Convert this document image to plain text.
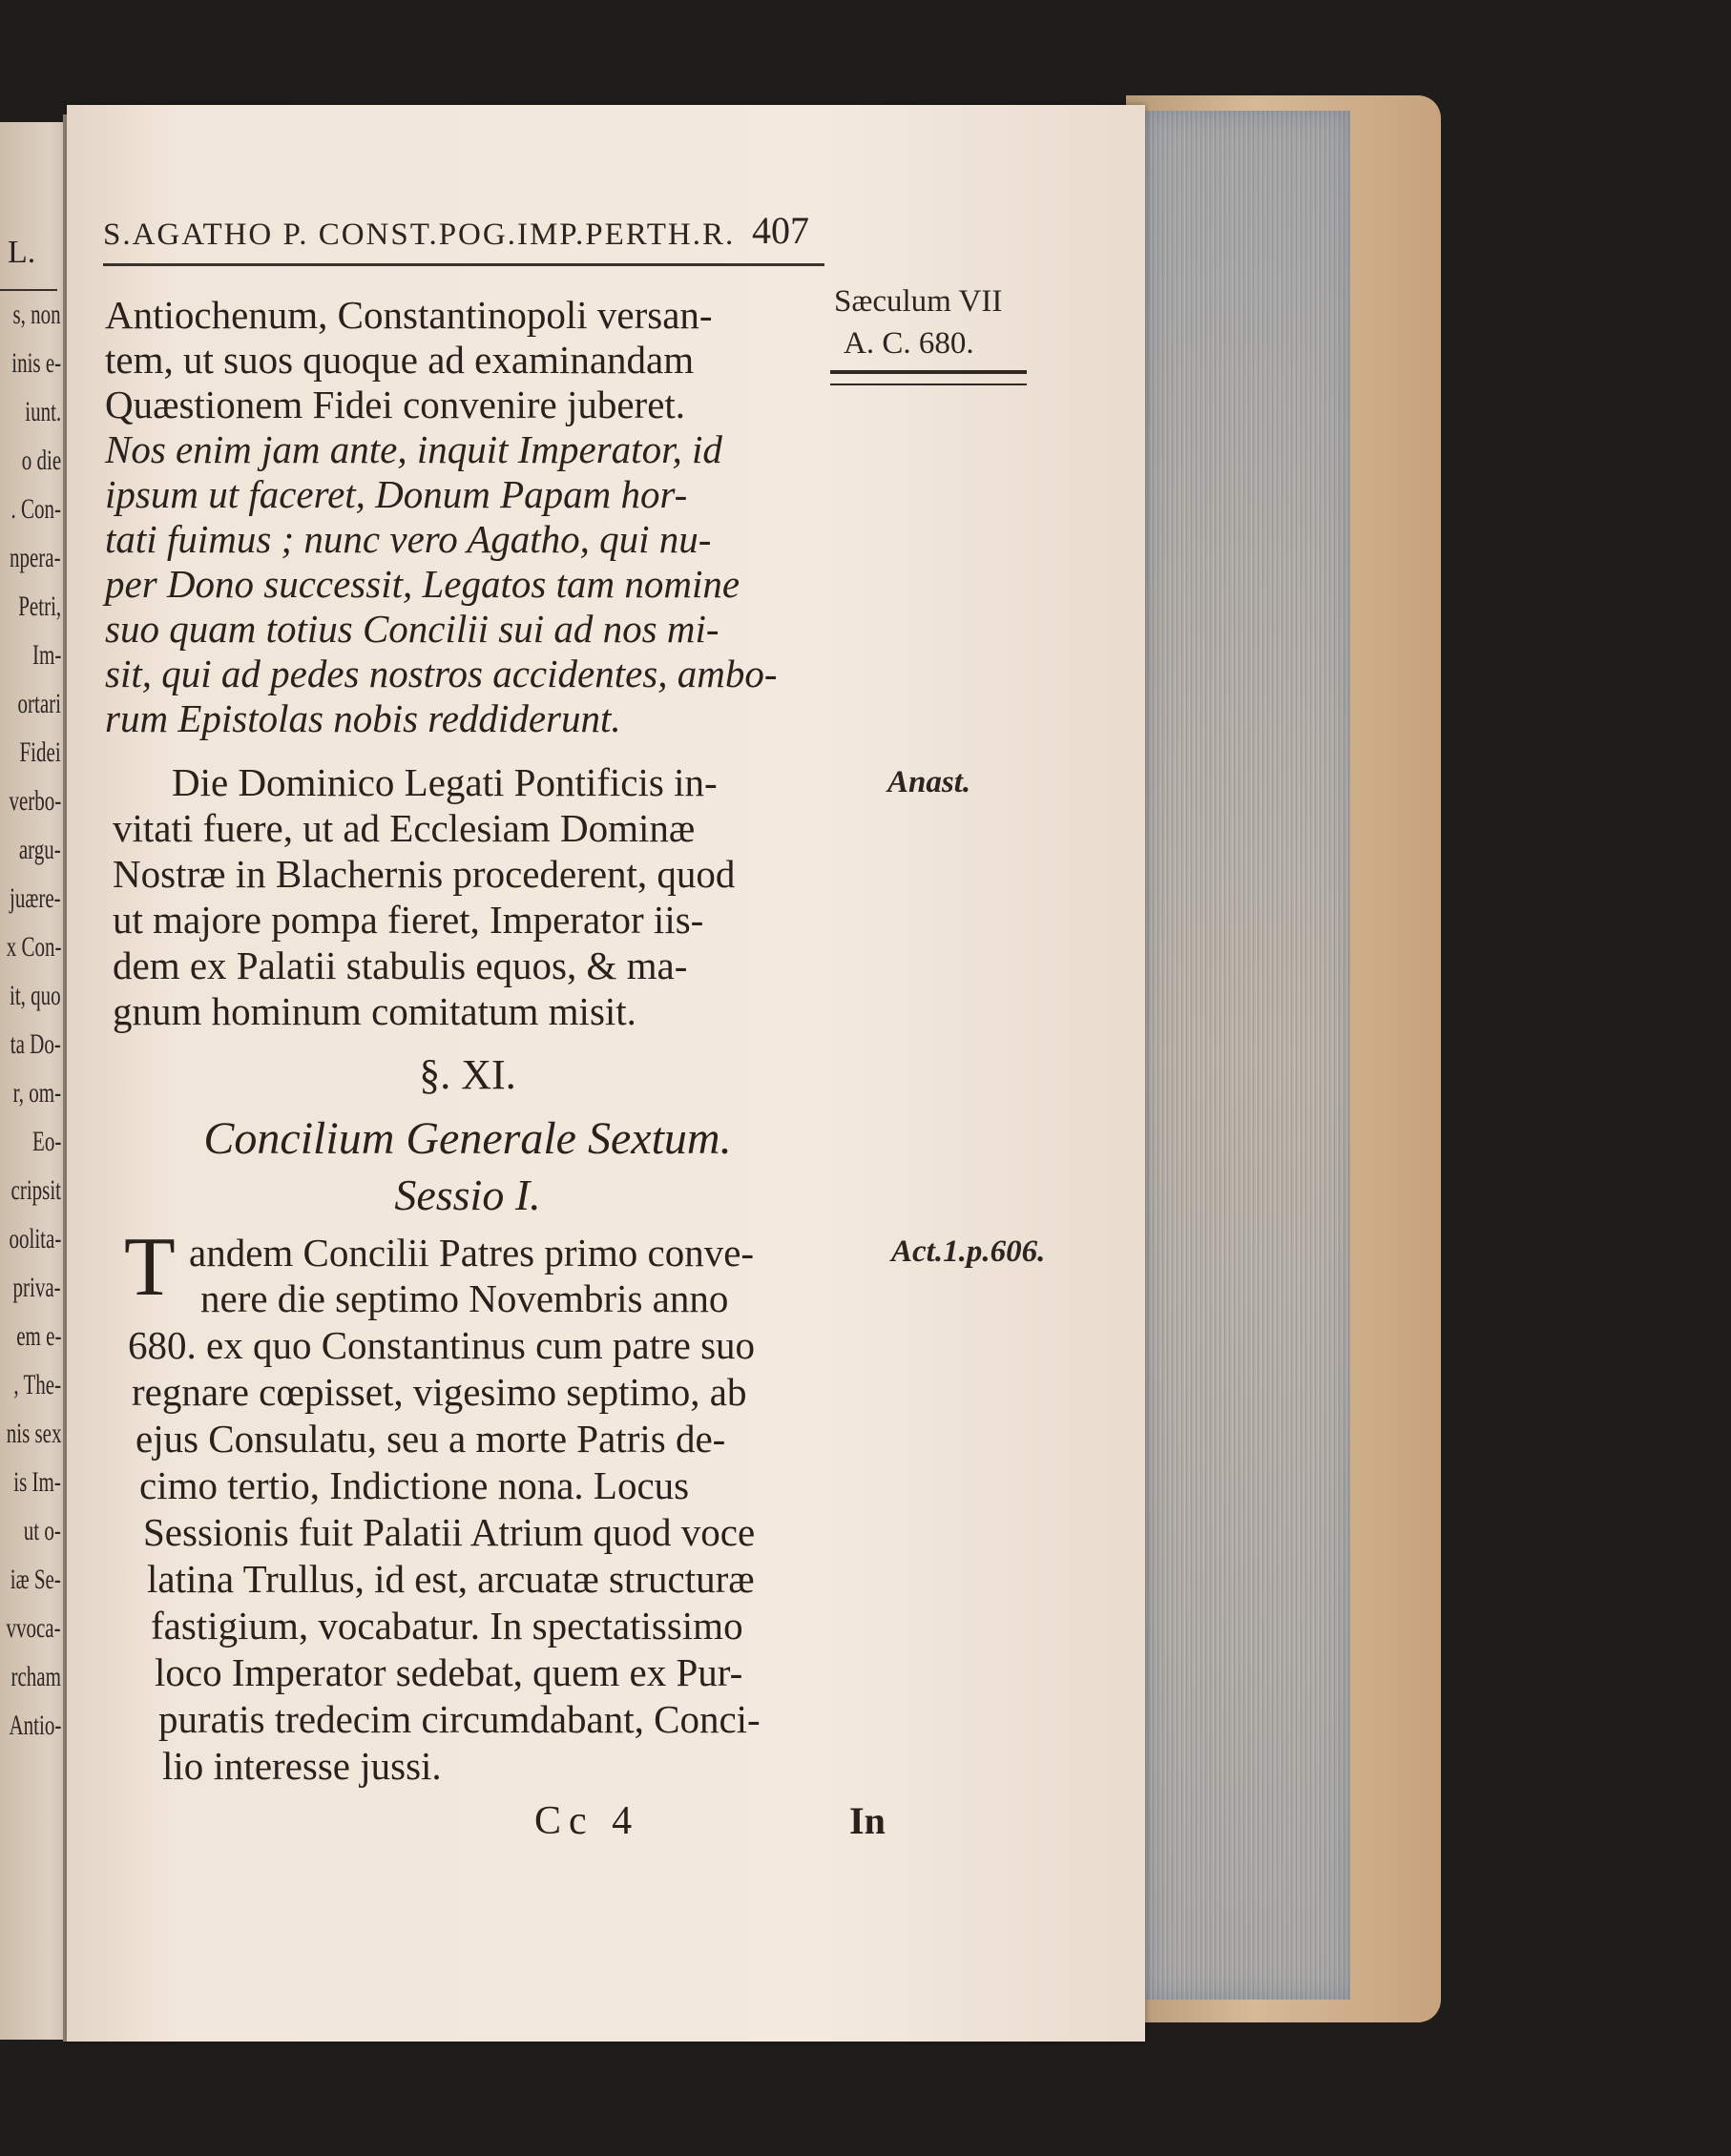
L.
s, non
inis e-
iunt.
o die
. Con-
npera-
Petri,
Im-
ortari
Fidei
verbo-
argu-
juære-
x Con-
it, quo
ta Do-
r, om-
Eo-
cripsit
oolita-
priva-
em e-
, The-
nis sex
is Im-
ut o-
iæ Se-
vvoca-
rcham
Antio-
S.AGATHO P. CONST.POG.IMP.PERTH.R. 407
Sæculum VII
A. C. 680.
Anast.
Act.1.p.606.
Antiochenum, Constantinopoli versan-
tem, ut suos quoque ad examinandam
Quæstionem Fidei convenire juberet.
Nos enim jam ante, inquit Imperator, id
ipsum ut faceret, Donum Papam hor-
tati fuimus ; nunc vero Agatho, qui nu-
per Dono successit, Legatos tam nomine
suo quam totius Concilii sui ad nos mi-
sit, qui ad pedes nostros accidentes, ambo-
rum Epistolas nobis reddiderunt.
Die Dominico Legati Pontificis in-
vitati fuere, ut ad Ecclesiam Dominæ
Nostræ in Blachernis procederent, quod
ut majore pompa fieret, Imperator iis-
dem ex Palatii stabulis equos, & ma-
gnum hominum comitatum misit.
§. XI.
Concilium Generale Sextum.
Sessio I.
T andem Concilii Patres primo conve-
nere die septimo Novembris anno
680. ex quo Constantinus cum patre suo
regnare cœpisset, vigesimo septimo, ab
ejus Consulatu, seu a morte Patris de-
cimo tertio, Indictione nona. Locus
Sessionis fuit Palatii Atrium quod voce
latina Trullus, id est, arcuatæ structuræ
fastigium, vocabatur. In spectatissimo
loco Imperator sedebat, quem ex Pur-
puratis tredecim circumdabant, Conci-
lio interesse jussi.
Cc 4	In
